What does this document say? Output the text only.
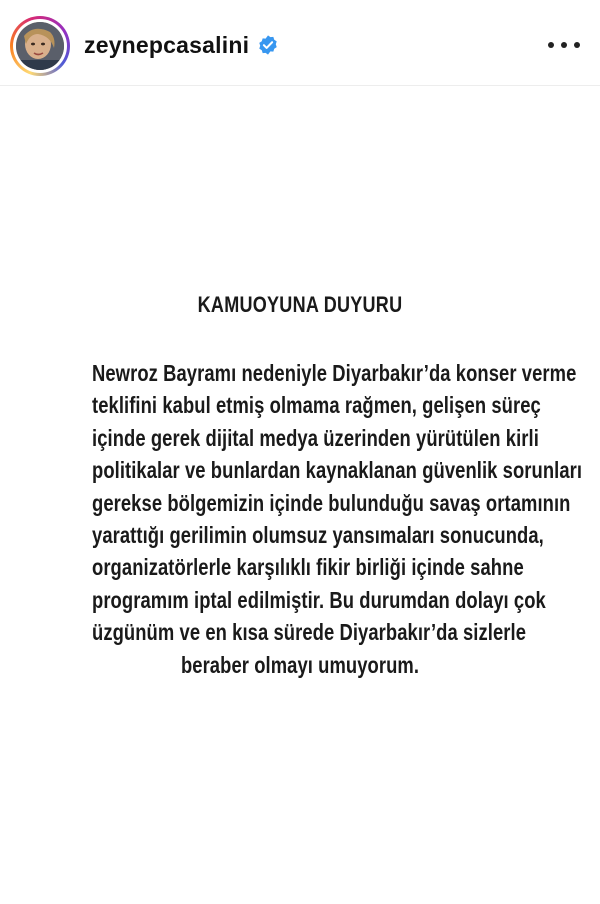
zeynepcasalini
KAMUOYUNA DUYURU
Newroz Bayramı nedeniyle Diyarbakır’da konser verme
teklifini kabul etmiş olmama rağmen, gelişen süreç
içinde gerek dijital medya üzerinden yürütülen kirli
politikalar ve bunlardan kaynaklanan güvenlik sorunları
gerekse bölgemizin içinde bulunduğu savaş ortamının
yarattığı gerilimin olumsuz yansımaları sonucunda,
organizatörlerle karşılıklı fikir birliği içinde sahne
programım iptal edilmiştir. Bu durumdan dolayı çok
üzgünüm ve en kısa sürede Diyarbakır’da sizlerle
beraber olmayı umuyorum.
